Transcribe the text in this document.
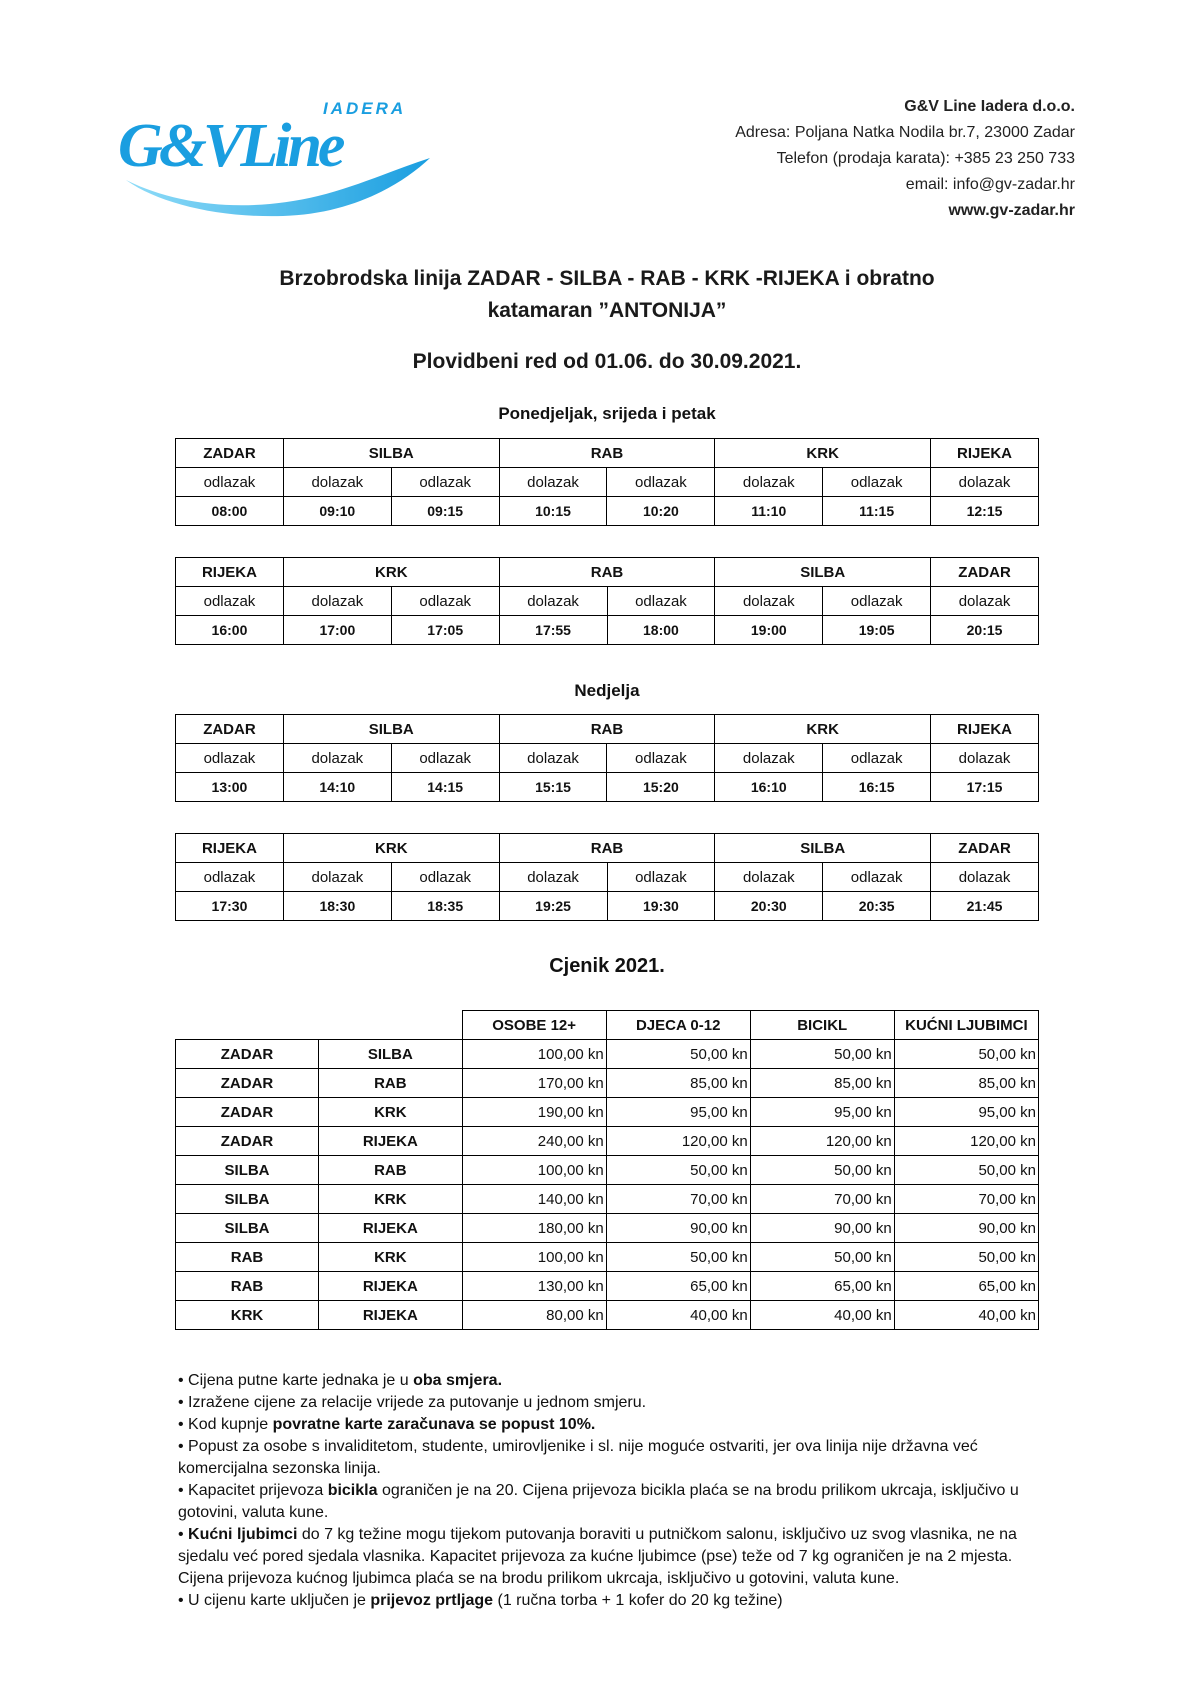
IADERA
G&VLine
G&V Line Iadera d.o.o.
Adresa: Poljana Natka Nodila br.7, 23000 Zadar
Telefon (prodaja karata): +385 23 250 733
email: info@gv-zadar.hr
www.gv-zadar.hr
Brzobrodska linija ZADAR - SILBA - RAB - KRK -RIJEKA i obratno
katamaran ”ANTONIJA”
Plovidbeni red od 01.06. do 30.09.2021.
Ponedjeljak, srijeda i petak
ZADAR	SILBA		RAB		KRK		RIJEKA
odlazak	dolazak	odlazak	dolazak	odlazak	dolazak	odlazak	dolazak
08:00	09:10	09:15	10:15	10:20	11:10	11:15	12:15
RIJEKA	KRK		RAB		SILBA		ZADAR
odlazak	dolazak	odlazak	dolazak	odlazak	dolazak	odlazak	dolazak
16:00	17:00	17:05	17:55	18:00	19:00	19:05	20:15
Nedjelja
ZADAR	SILBA		RAB		KRK		RIJEKA
odlazak	dolazak	odlazak	dolazak	odlazak	dolazak	odlazak	dolazak
13:00	14:10	14:15	15:15	15:20	16:10	16:15	17:15
RIJEKA	KRK		RAB		SILBA		ZADAR
odlazak	dolazak	odlazak	dolazak	odlazak	dolazak	odlazak	dolazak
17:30	18:30	18:35	19:25	19:30	20:30	20:35	21:45
Cjenik 2021.
		OSOBE 12+	DJECA 0-12	BICIKL	KUĆNI LJUBIMCI
ZADAR	SILBA	100,00 kn	50,00 kn	50,00 kn	50,00 kn
ZADAR	RAB	170,00 kn	85,00 kn	85,00 kn	85,00 kn
ZADAR	KRK	190,00 kn	95,00 kn	95,00 kn	95,00 kn
ZADAR	RIJEKA	240,00 kn	120,00 kn	120,00 kn	120,00 kn
SILBA	RAB	100,00 kn	50,00 kn	50,00 kn	50,00 kn
SILBA	KRK	140,00 kn	70,00 kn	70,00 kn	70,00 kn
SILBA	RIJEKA	180,00 kn	90,00 kn	90,00 kn	90,00 kn
RAB	KRK	100,00 kn	50,00 kn	50,00 kn	50,00 kn
RAB	RIJEKA	130,00 kn	65,00 kn	65,00 kn	65,00 kn
KRK	RIJEKA	80,00 kn	40,00 kn	40,00 kn	40,00 kn

• Cijena putne karte jednaka je u oba smjera.

• Izražene cijene za relacije vrijede za putovanje u jednom smjeru.

• Kod kupnje povratne karte zaračunava se popust 10%.

• Popust za osobe s invaliditetom, studente, umirovljenike i sl. nije moguće ostvariti, jer ova linija nije državna već komercijalna sezonska linija.

• Kapacitet prijevoza bicikla ograničen je na 20. Cijena prijevoza bicikla plaća se na brodu prilikom ukrcaja, isključivo u gotovini, valuta kune.

• Kućni ljubimci do 7 kg težine mogu tijekom putovanja boraviti u putničkom salonu, isključivo uz svog vlasnika, ne na sjedalu već pored sjedala vlasnika. Kapacitet prijevoza za kućne ljubimce (pse) teže od 7 kg ograničen je na 2 mjesta. Cijena prijevoza kućnog ljubimca plaća se na brodu prilikom ukrcaja, isključivo u gotovini, valuta kune.

• U cijenu karte uključen je prijevoz prtljage (1 ručna torba + 1 kofer do 20 kg težine)
